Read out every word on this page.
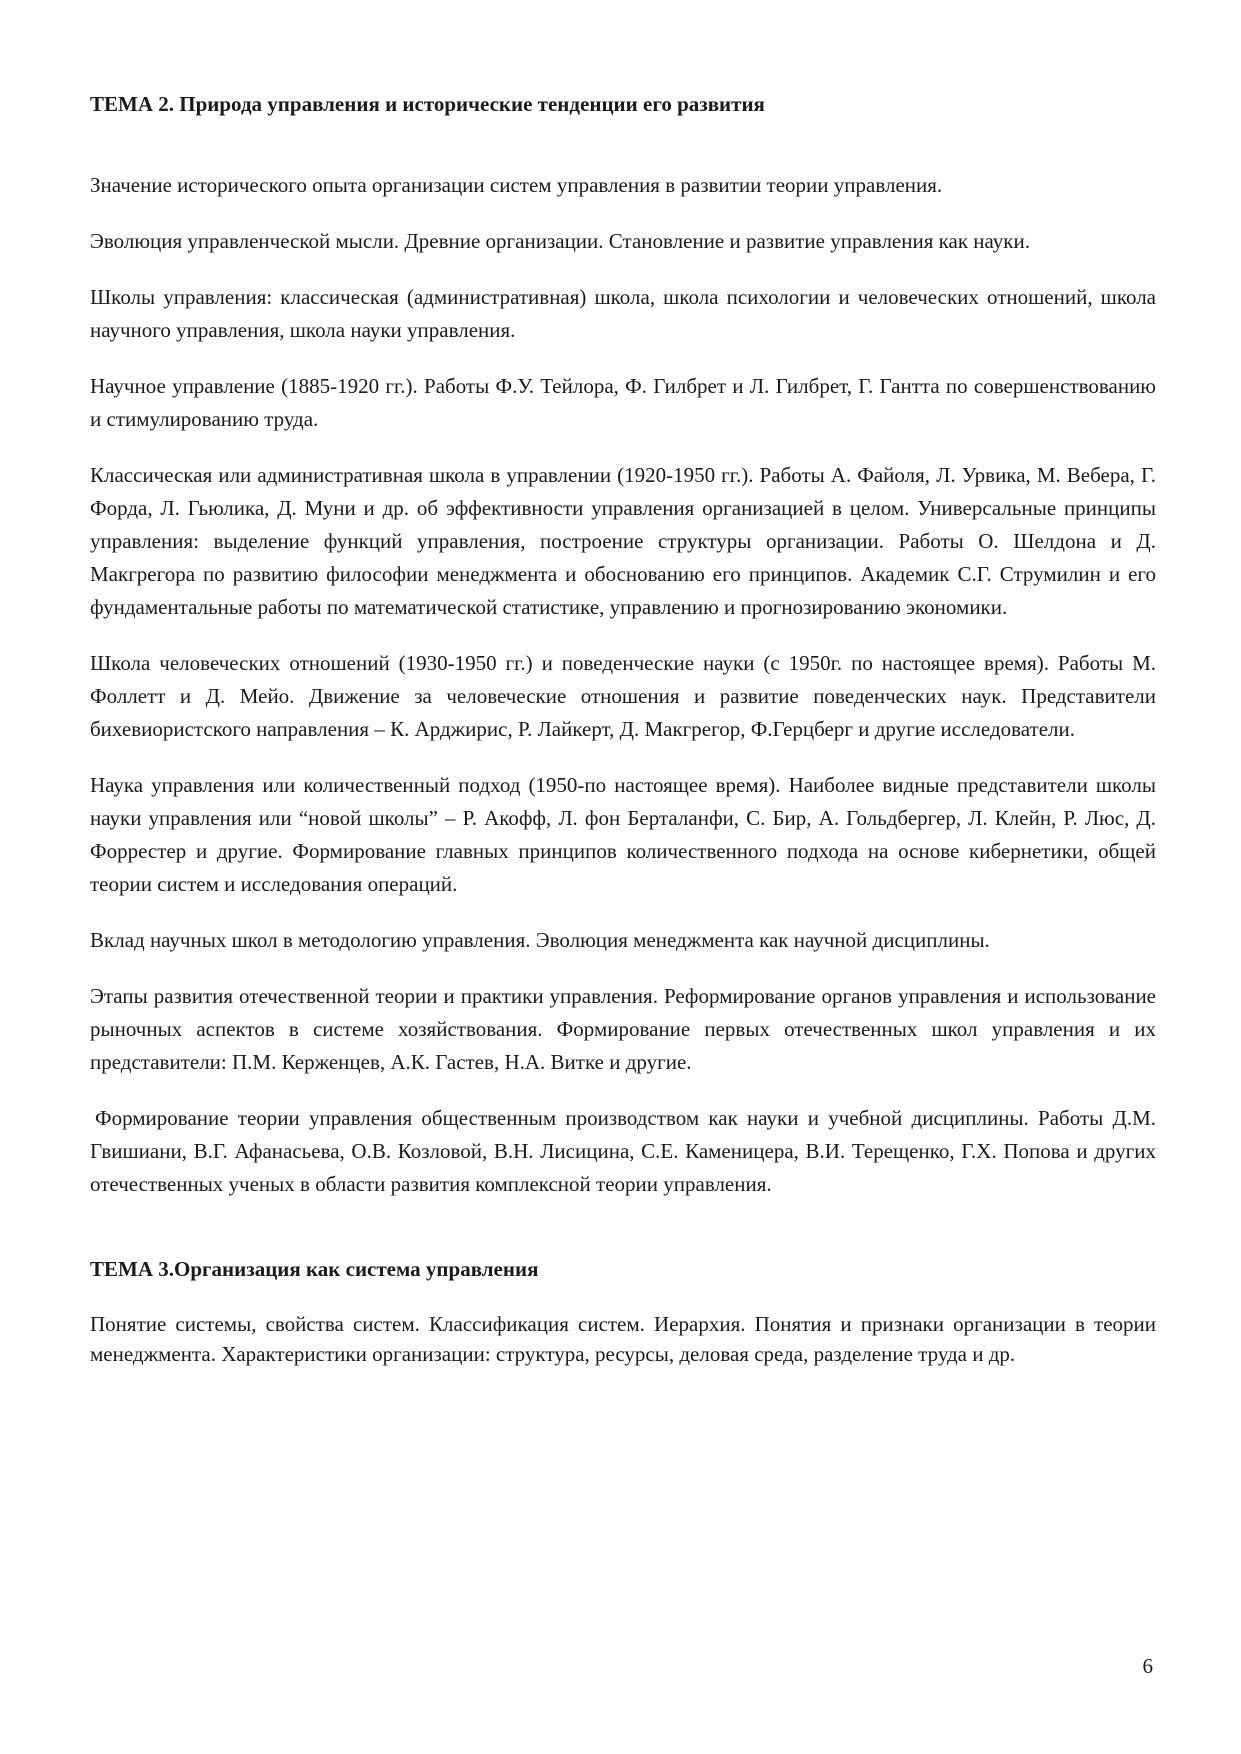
ТЕМА 2. Природа управления и исторические тенденции его развития

Значение исторического опыта организации систем управления в развитии теории управления.

Эволюция управленческой мысли. Древние организации. Становление и развитие управления как науки.

Школы управления: классическая (административная) школа, школа психологии и человеческих отношений, школа научного управления, школа науки управления.

Научное управление (1885-1920 гг.). Работы Ф.У. Тейлора, Ф. Гилбрет и Л. Гилбрет, Г. Гантта по совершенствованию и стимулированию труда.

Классическая или административная школа в управлении (1920-1950 гг.). Работы А. Файоля, Л. Урвика, М. Вебера, Г. Форда, Л. Гьюлика, Д. Муни и др. об эффективности управления организацией в целом. Универсальные принципы управления: выделение функций управления, построение структуры организации. Работы О. Шелдона и Д. Макгрегора по развитию философии менеджмента и обоснованию его принципов. Академик С.Г. Струмилин и его фундаментальные работы по математической статистике, управлению и прогнозированию экономики.

Школа человеческих отношений (1930-1950 гг.) и поведенческие науки (с 1950г. по настоящее время). Работы М. Фоллетт и Д. Мейо. Движение за человеческие отношения и развитие поведенческих наук. Представители бихевиористского направления – К. Арджирис, Р. Лайкерт, Д. Макгрегор, Ф.Герцберг и другие исследователи.

Наука управления или количественный подход (1950-по настоящее время). Наиболее видные представители школы науки управления или “новой школы” – Р. Акофф, Л. фон Берталанфи, С. Бир, А. Гольдбергер, Л. Клейн, Р. Люс, Д. Форрестер и другие. Формирование главных принципов количественного подхода на основе кибернетики, общей теории систем и исследования операций.

Вклад научных школ в методологию управления. Эволюция менеджмента как научной дисциплины.

Этапы развития отечественной теории и практики управления. Реформирование органов управления и использование рыночных аспектов в системе хозяйствования. Формирование первых отечественных школ управления и их представители: П.М. Керженцев, А.К. Гастев, Н.А. Витке и другие.

Формирование теории управления общественным производством как науки и учебной дисциплины. Работы Д.М. Гвишиани, В.Г. Афанасьева, О.В. Козловой, В.Н. Лисицина, С.Е. Каменицера, В.И. Терещенко, Г.Х. Попова и других отечественных ученых в области развития комплексной теории управления.

ТЕМА 3.Организация как система управления

Понятие системы, свойства систем. Классификация систем. Иерархия. Понятия и признаки организации в теории менеджмента. Характеристики организации: структура, ресурсы, деловая среда, разделение труда и др.

6
